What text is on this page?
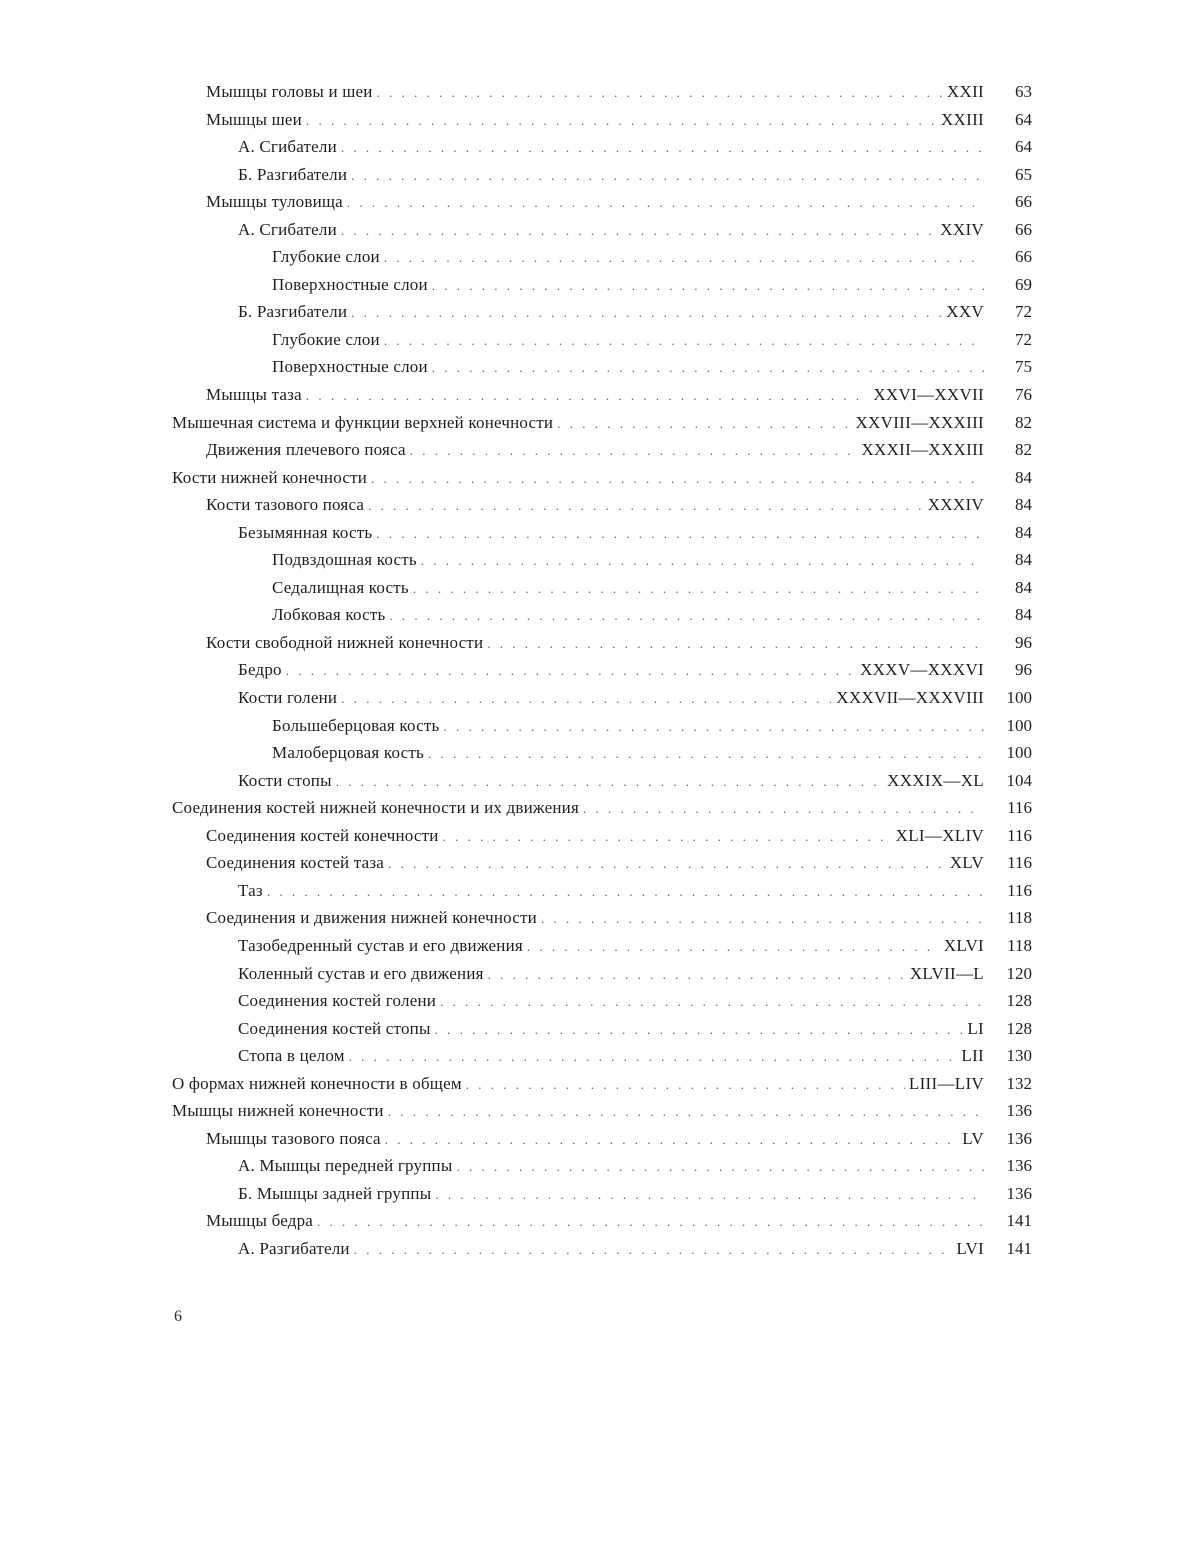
Мышцы головы и шеи . . .	XXII	63
Мышцы шеи . . .	XXIII	64
А. Сгибатели . . .	64
Б. Разгибатели . . .	65
Мышцы туловища . . .	66
А. Сгибатели . . .	XXIV	66
Глубокие слои . . .	66
Поверхностные слои . . .	69
Б. Разгибатели . . .	XXV	72
Глубокие слои . . .	72
Поверхностные слои . . .	75
Мышцы таза . . .	XXVI—XXVII	76
Мышечная система и функции верхней конечности . . .	XXVIII—XXXIII	82
Движения плечевого пояса . . .	XXXII—XXXIII	82
Кости нижней конечности . . .	84
Кости тазового пояса . . .	XXXIV	84
Безымянная кость . . .	84
Подвздошная кость . . .	84
Седалищная кость . . .	84
Лобковая кость . . .	84
Кости свободной нижней конечности . . .	96
Бедро . . .	XXXV—XXXVI	96
Кости голени . . .	XXXVII—XXXVIII	100
Большеберцовая кость . . .	100
Малоберцовая кость . . .	100
Кости стопы . . .	XXXIX—XL	104
Соединения костей нижней конечности и их движения . . .	116
Соединения костей конечности . . .	XLI—XLIV	116
Соединения костей таза . . .	XLV	116
Таз . . .	116
Соединения и движения нижней конечности . . .	118
Тазобедренный сустав и его движения . . .	XLVI	118
Коленный сустав и его движения . . .	XLVII—L	120
Соединения костей голени . . .	128
Соединения костей стопы . . .	LI	128
Стопа в целом . . .	LII	130
О формах нижней конечности в общем . . .	LIII—LIV	132
Мышцы нижней конечности . . .	136
Мышцы тазового пояса . . .	LV	136
А. Мышцы передней группы . . .	136
Б. Мышцы задней группы . . .	136
Мышцы бедра . . .	141
А. Разгибатели . . .	LVI	141
6
